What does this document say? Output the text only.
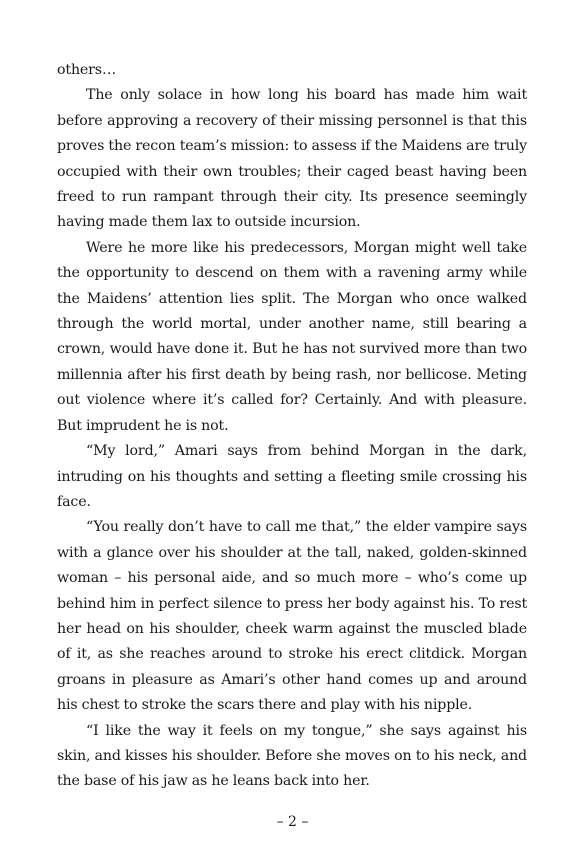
others…

The only solace in how long his board has made him wait before approving a recovery of their missing personnel is that this proves the recon team’s mission: to assess if the Maidens are truly occupied with their own troubles; their caged beast having been freed to run rampant through their city. Its presence seemingly having made them lax to outside incursion.

Were he more like his predecessors, Morgan might well take the opportunity to descend on them with a ravening army while the Maidens’ attention lies split. The Morgan who once walked through the world mortal, under another name, still bearing a crown, would have done it. But he has not survived more than two millennia after his first death by being rash, nor bellicose. Meting out violence where it’s called for? Certainly. And with pleasure. But imprudent he is not.

“My lord,” Amari says from behind Morgan in the dark, intruding on his thoughts and setting a fleeting smile crossing his face.

“You really don’t have to call me that,” the elder vampire says with a glance over his shoulder at the tall, naked, golden-skinned woman – his personal aide, and so much more – who’s come up behind him in perfect silence to press her body against his. To rest her head on his shoulder, cheek warm against the muscled blade of it, as she reaches around to stroke his erect clitdick. Morgan groans in pleasure as Amari’s other hand comes up and around his chest to stroke the scars there and play with his nipple.

“I like the way it feels on my tongue,” she says against his skin, and kisses his shoulder. Before she moves on to his neck, and the base of his jaw as he leans back into her.

– 2 –
